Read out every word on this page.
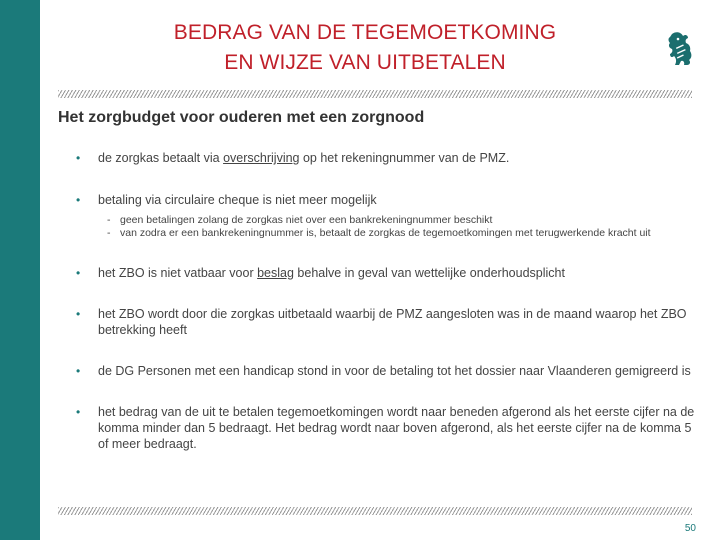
BEDRAG VAN DE TEGEMOETKOMING
EN WIJZE VAN UITBETALEN
Het zorgbudget voor ouderen met een zorgnood
• de zorgkas betaalt via overschrijving op het rekeningnummer van de PMZ.
• betaling via circulaire cheque is niet meer mogelijk
- geen betalingen zolang de zorgkas niet over een bankrekeningnummer beschikt
- van zodra er een bankrekeningnummer is, betaalt de zorgkas de tegemoetkomingen met terugwerkende kracht uit
• het ZBO is niet vatbaar voor beslag behalve in geval van wettelijke onderhoudsplicht
• het ZBO wordt door die zorgkas uitbetaald waarbij de PMZ aangesloten was in de maand waarop het ZBO betrekking heeft
• de DG Personen met een handicap stond in voor de betaling tot het dossier naar Vlaanderen gemigreerd is
• het bedrag van de uit te betalen tegemoetkomingen wordt naar beneden afgerond als het eerste cijfer na de komma minder dan 5 bedraagt. Het bedrag wordt naar boven afgerond, als het eerste cijfer na de komma 5 of meer bedraagt.
50
